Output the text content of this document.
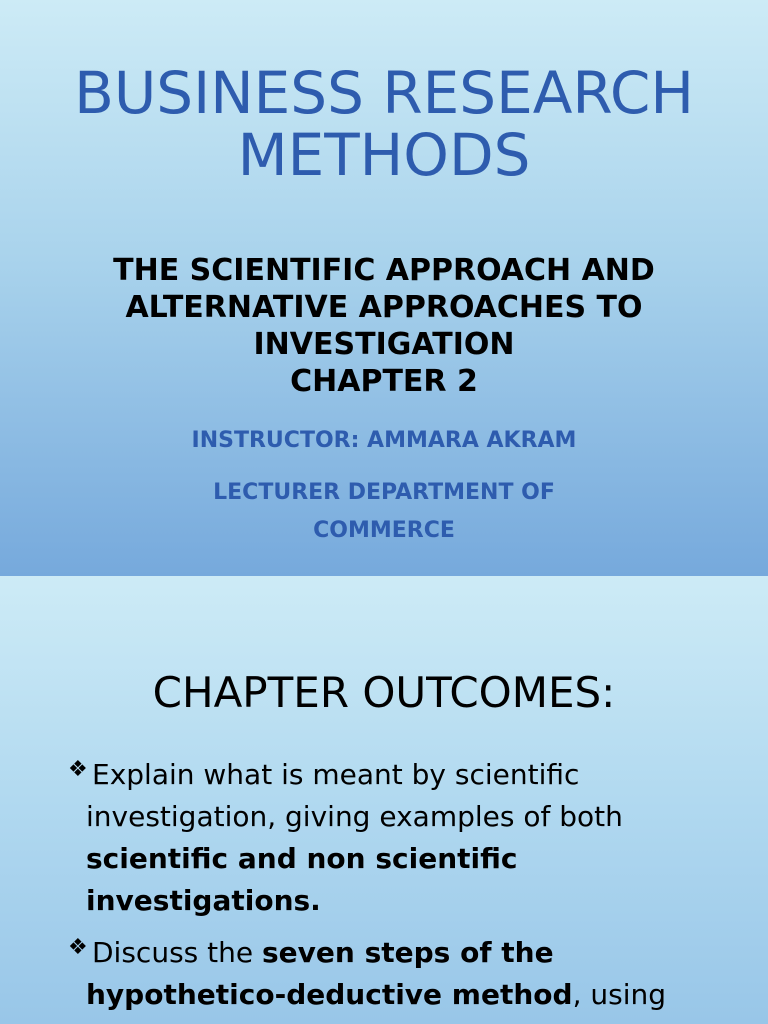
BUSINESS RESEARCH
METHODS
THE SCIENTIFIC APPROACH AND
ALTERNATIVE APPROACHES TO
INVESTIGATION
CHAPTER 2
INSTRUCTOR: AMMARA AKRAM
LECTURER DEPARTMENT OF
COMMERCE
CHAPTER OUTCOMES:
❖ Explain what is meant by scientific investigation, giving examples of both scientific and non scientific investigations.
❖ Discuss the seven steps of the hypothetico-deductive method, using
